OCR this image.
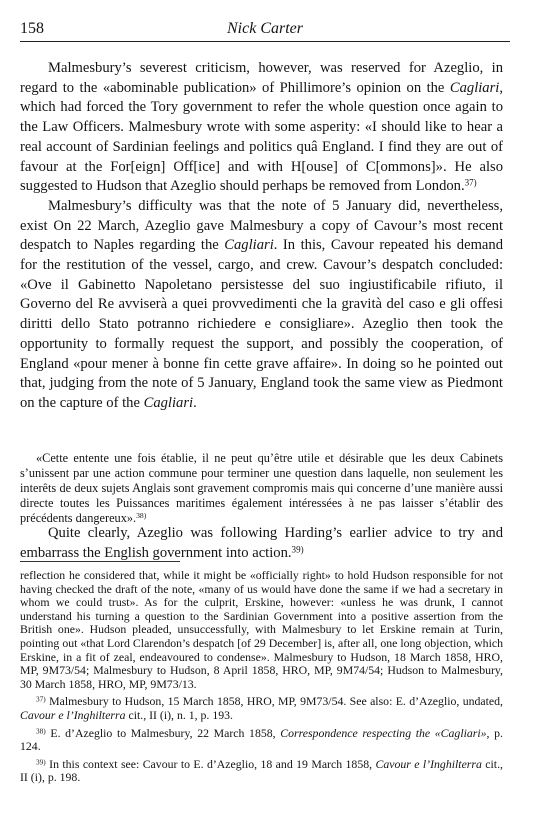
158	Nick Carter

Malmesbury’s severest criticism, however, was reserved for Azeglio, in regard to the «abominable publication» of Phillimore’s opinion on the Cagliari, which had forced the Tory government to refer the whole question once again to the Law Officers. Malmesbury wrote with some asperity: «I should like to hear a real account of Sardinian feelings and politics quâ England. I find they are out of favour at the For[eign] Off[ice] and with H[ouse] of C[ommons]». He also suggested to Hudson that Azeglio should perhaps be removed from London.$^{37)}$

Malmesbury’s difficulty was that the note of 5 January did, nevertheless, exist On 22 March, Azeglio gave Malmesbury a copy of Cavour’s most recent despatch to Naples regarding the Cagliari. In this, Cavour repeated his demand for the restitution of the vessel, cargo, and crew. Cavour’s despatch concluded: «Ove il Gabinetto Napoletano persistesse del suo ingiustificabile rifiuto, il Governo del Re avviserà a quei provvedimenti che la gravità del caso e gli offesi diritti dello Stato potranno richiedere e consigliare». Azeglio then took the opportunity to formally request the support, and possibly the cooperation, of England «pour mener à bonne fin cette grave affaire». In doing so he pointed out that, judging from the note of 5 January, England took the same view as Piedmont on the capture of the Cagliari.

«Cette entente une fois établie, il ne peut qu’être utile et désirable que les deux Cabinets s’unissent par une action commune pour terminer une question dans laquelle, non seulement les interêts de deux sujets Anglais sont gravement compromis mais qui concerne d’une manière aussi directe toutes les Puissances maritimes également intéressées à ne pas laisser s’établir des précédents dangereux».$^{38)}$

Quite clearly, Azeglio was following Harding’s earlier advice to try and embarrass the English government into action.$^{39)}$

reflection he considered that, while it might be «officially right» to hold Hudson responsible for not having checked the draft of the note, «many of us would have done the same if we had a secretary in whom we could trust». As for the culprit, Erskine, however: «unless he was drunk, I cannot understand his turning a question to the Sardinian Government into a positive assertion from the British one». Hudson pleaded, unsuccessfully, with Malmesbury to let Erskine remain at Turin, pointing out «that Lord Clarendon’s despatch [of 29 December] is, after all, one long objection, which Erskine, in a fit of zeal, endeavoured to condense». Malmesbury to Hudson, 18 March 1858, HRO, MP, 9M73/54; Malmesbury to Hudson, 8 April 1858, HRO, MP, 9M74/54; Hudson to Malmesbury, 30 March 1858, HRO, MP, 9M73/13.

$^{37)}$ Malmesbury to Hudson, 15 March 1858, HRO, MP, 9M73/54. See also: E. d’Azeglio, undated, Cavour e l’Inghilterra cit., II (i), n. 1, p. 193.

$^{38)}$ E. d’Azeglio to Malmesbury, 22 March 1858, Correspondence respecting the «Cagliari», p. 124.

$^{39)}$ In this context see: Cavour to E. d’Azeglio, 18 and 19 March 1858, Cavour e l’Inghilterra cit., II (i), p. 198.
